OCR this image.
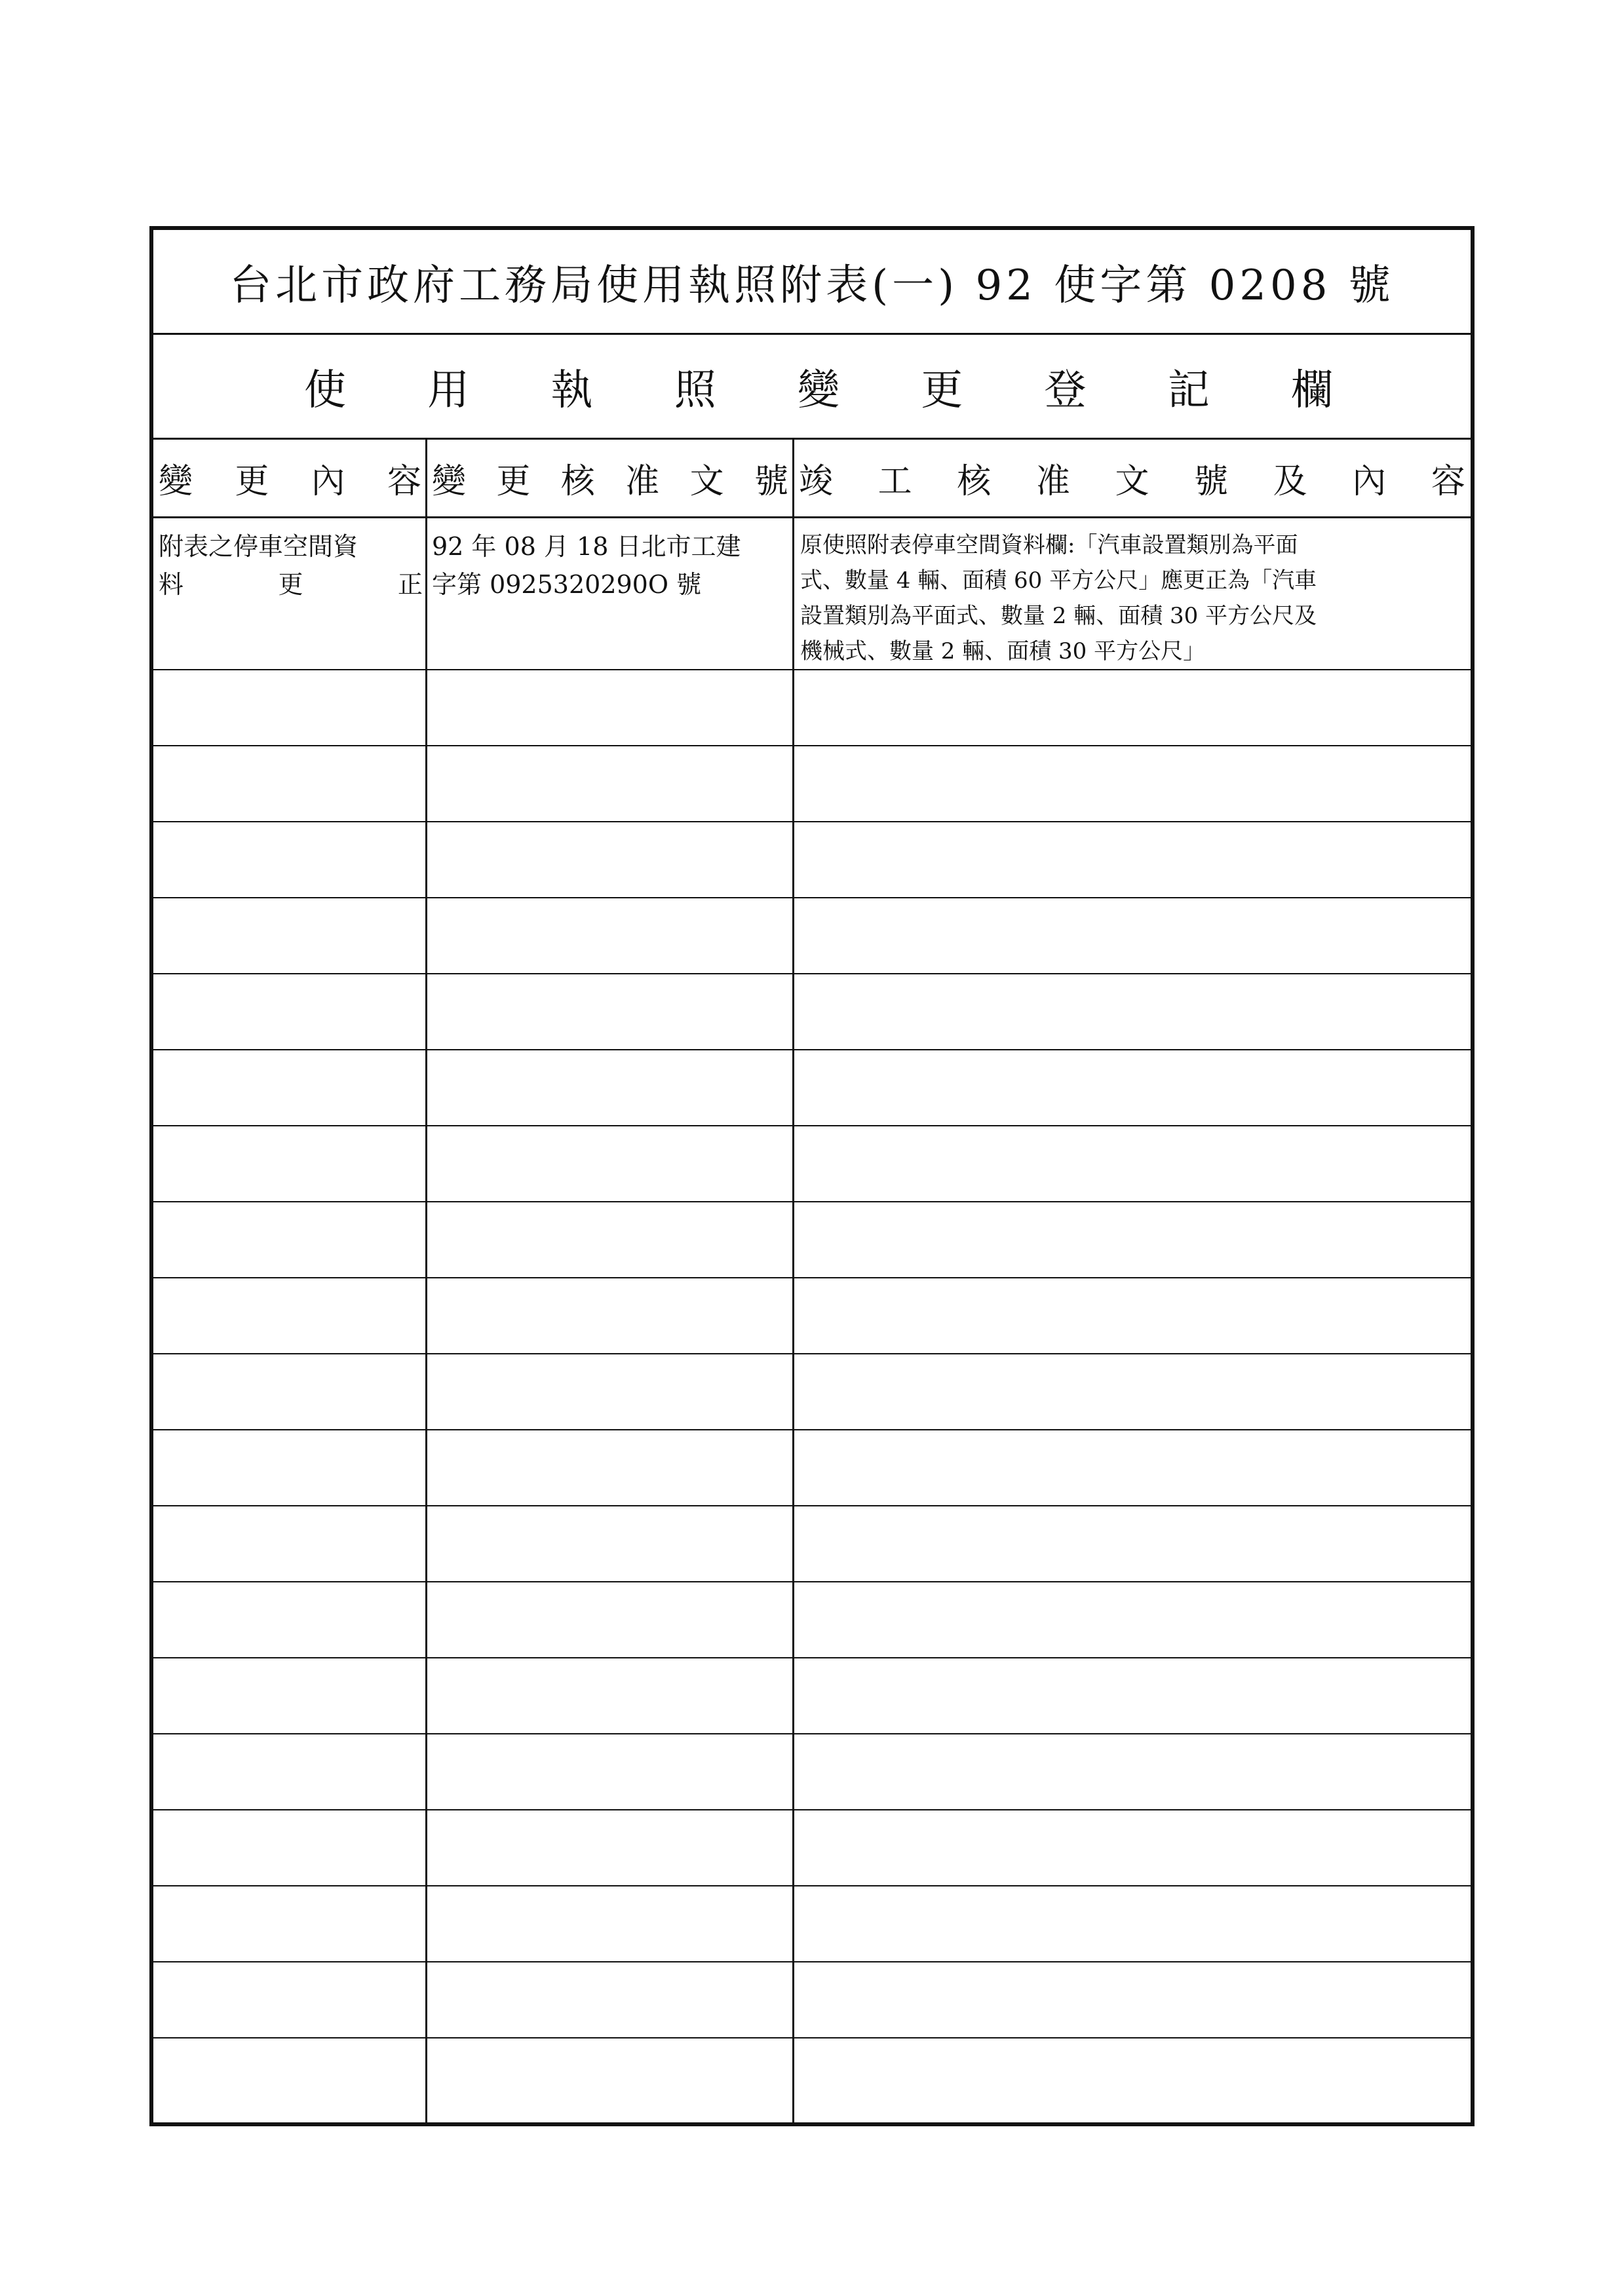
台北市政府工務局使用執照附表(一) 92 使字第 0208 號
使 用 執 照 變 更 登 記 欄
變 更 內 容 變 更 核 准 文 號 竣 工 核 准 文 號 及 內 容
附表之停車空間資
料	更	正
92 年 08 月 18 日北市工建
字第 0925320290O 號
原使照附表停車空間資料欄:「汽車設置類別為平面
式、數量 4 輛、面積 60 平方公尺」應更正為「汽車
設置類別為平面式、數量 2 輛、面積 30 平方公尺及
機械式、數量 2 輛、面積 30 平方公尺」
